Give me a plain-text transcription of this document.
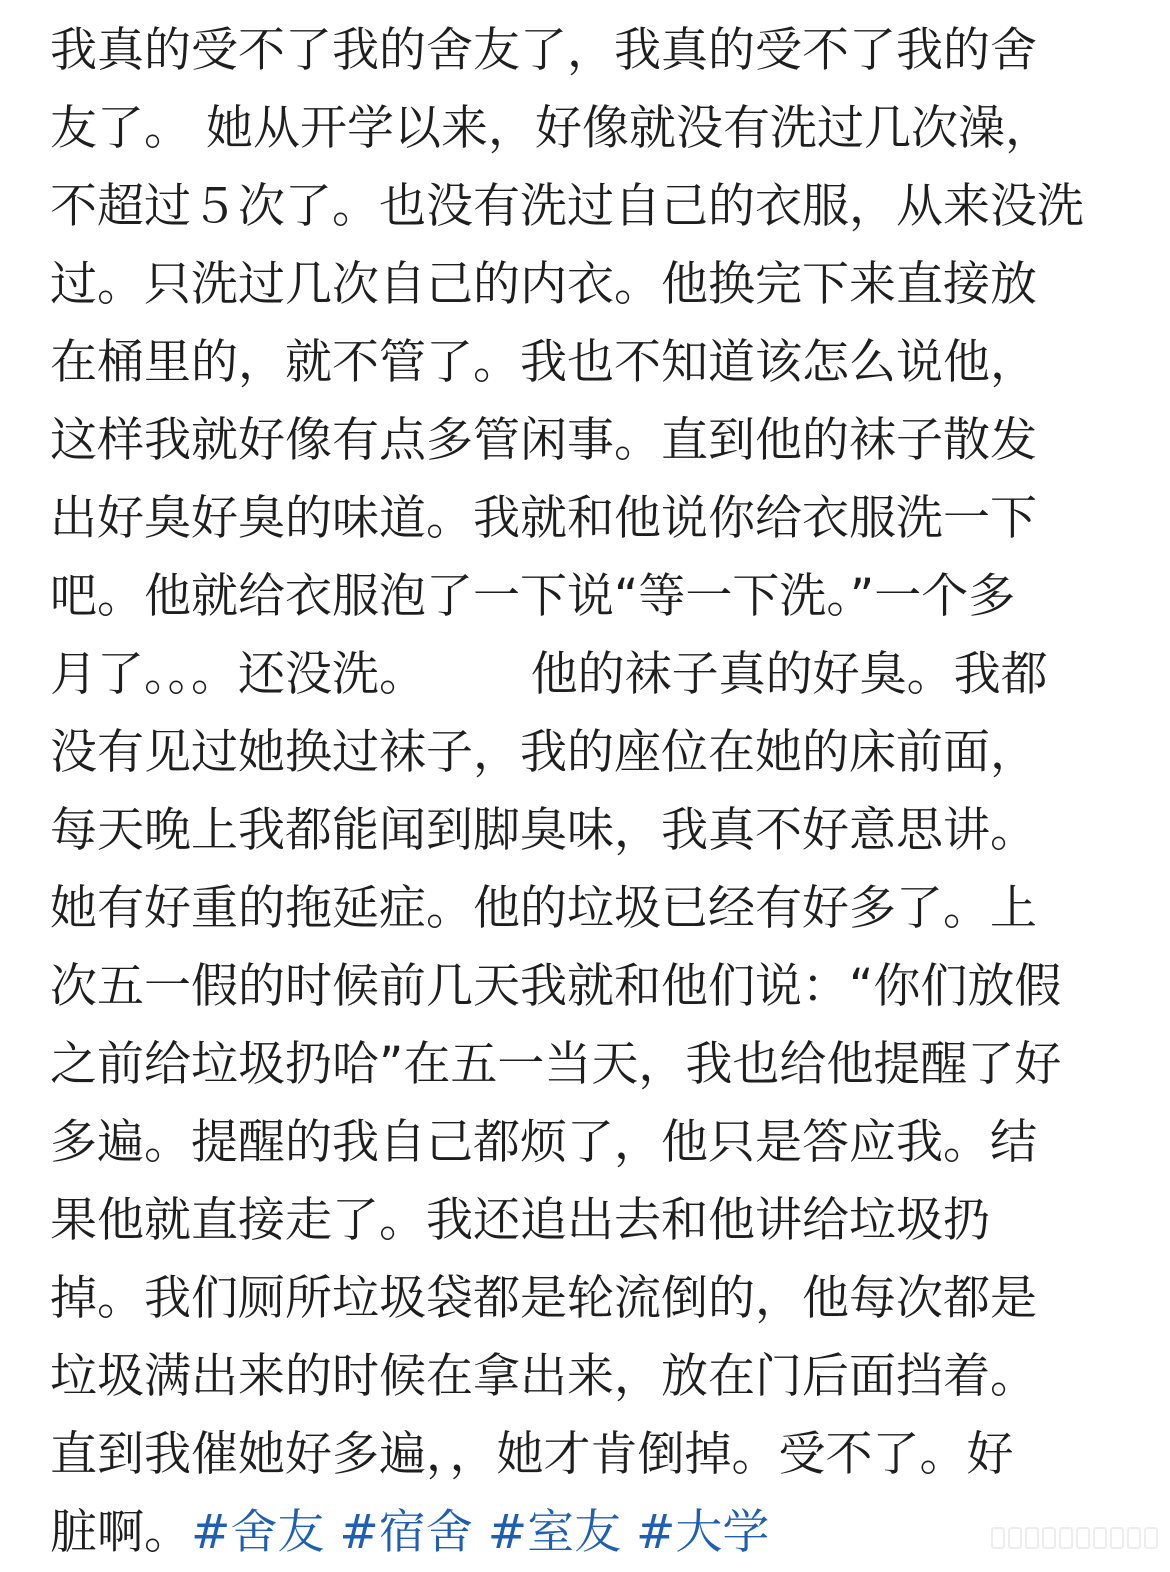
我真的受不了我的舍友了，我真的受不了我的舍
友了。 她从开学以来，好像就没有洗过几次澡，
不超过５次了。也没有洗过自己的衣服，从来没洗
过。只洗过几次自己的内衣。他换完下来直接放
在桶里的，就不管了。我也不知道该怎么说他，
这样我就好像有点多管闲事。直到他的袜子散发
出好臭好臭的味道。我就和他说你给衣服洗一下
吧。他就给衣服泡了一下说“等一下洗。”一个多
月了。。。还没洗。       他的袜子真的好臭。我都
没有见过她换过袜子，我的座位在她的床前面，
每天晚上我都能闻到脚臭味，我真不好意思讲。
她有好重的拖延症。他的垃圾已经有好多了。上
次五一假的时候前几天我就和他们说：“你们放假
之前给垃圾扔哈”在五一当天，我也给他提醒了好
多遍。提醒的我自己都烦了，他只是答应我。结
果他就直接走了。我还追出去和他讲给垃圾扔
掉。我们厕所垃圾袋都是轮流倒的，他每次都是
垃圾满出来的时候在拿出来，放在门后面挡着。
直到我催她好多遍，，她才肯倒掉。受不了。好
脏啊。#舍友 #宿舍 #室友 #大学
